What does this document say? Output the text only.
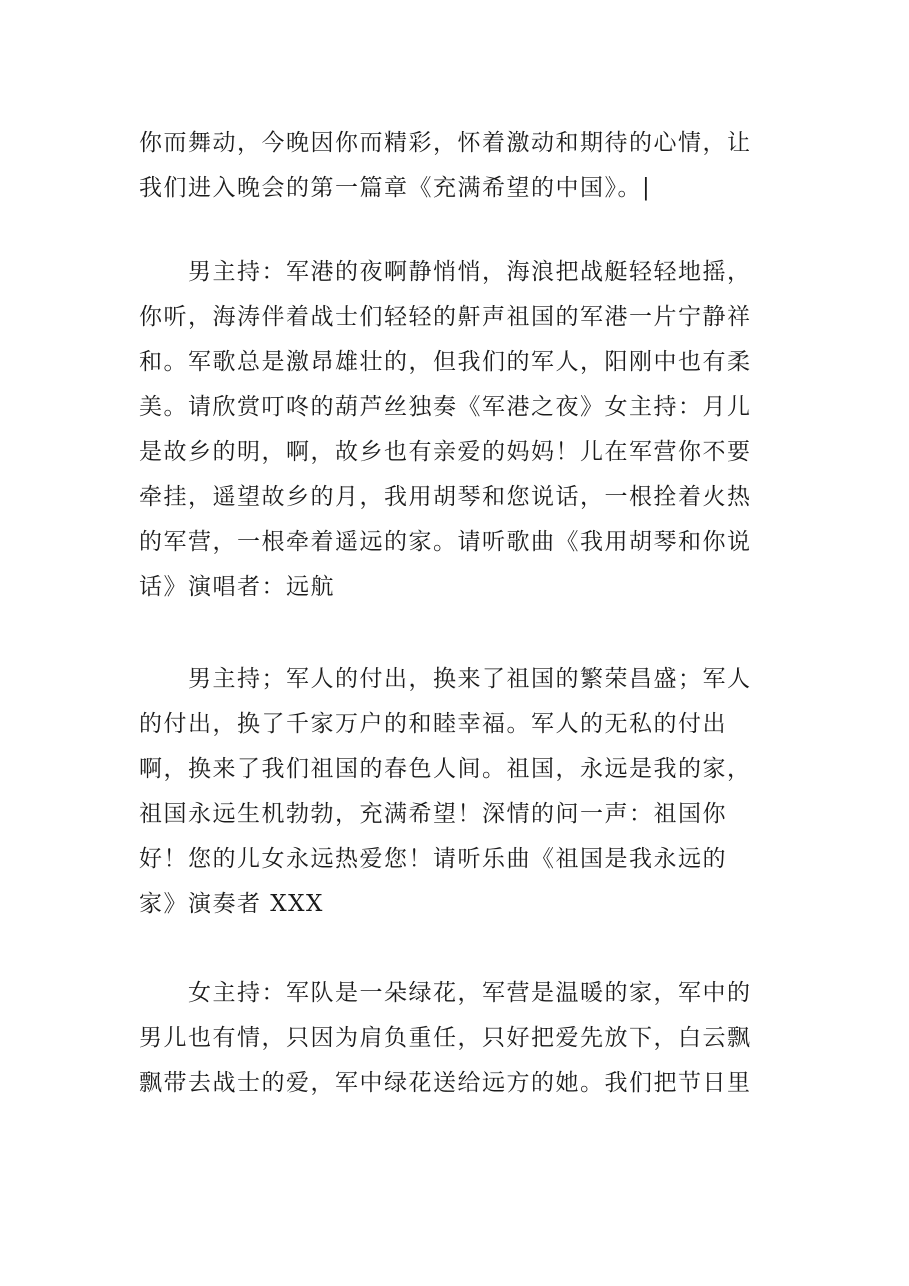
你而舞动，今晚因你而精彩，怀着激动和期待的心情，让
我们进入晚会的第一篇章《充满希望的中国》。|
　　男主持：军港的夜啊静悄悄，海浪把战艇轻轻地摇，
你听，海涛伴着战士们轻轻的鼾声祖国的军港一片宁静祥
和。军歌总是激昂雄壮的，但我们的军人，阳刚中也有柔
美。请欣赏叮咚的葫芦丝独奏《军港之夜》女主持：月儿
是故乡的明，啊，故乡也有亲爱的妈妈！儿在军营你不要
牵挂，遥望故乡的月，我用胡琴和您说话，一根拴着火热
的军营，一根牵着遥远的家。请听歌曲《我用胡琴和你说
话》演唱者：远航
　　男主持；军人的付出，换来了祖国的繁荣昌盛；军人
的付出，换了千家万户的和睦幸福。军人的无私的付出
啊，换来了我们祖国的春色人间。祖国，永远是我的家，
祖国永远生机勃勃，充满希望！深情的问一声：祖国你
好！您的儿女永远热爱您！请听乐曲《祖国是我永远的
家》演奏者 XXX
　　女主持：军队是一朵绿花，军营是温暖的家，军中的
男儿也有情，只因为肩负重任，只好把爱先放下，白云飘
飘带去战士的爱，军中绿花送给远方的她。我们把节日里
